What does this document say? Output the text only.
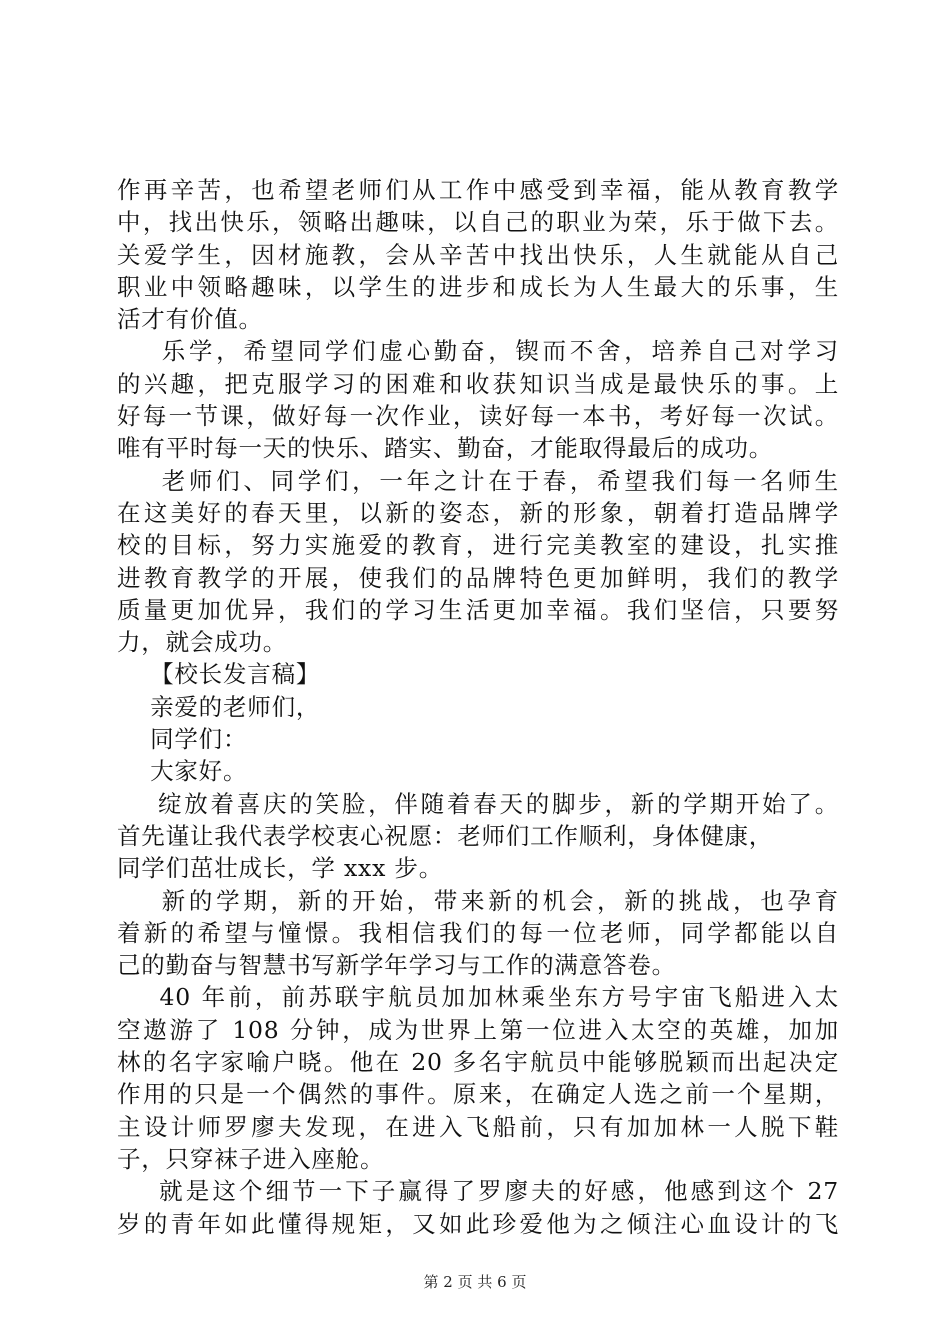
作再辛苦，也希望老师们从工作中感受到幸福，能从教育教学
中，找出快乐，领略出趣味，以自己的职业为荣，乐于做下去。
关爱学生，因材施教，会从辛苦中找出快乐，人生就能从自己
职业中领略趣味，以学生的进步和成长为人生最大的乐事，生
活才有价值。
乐学，希望同学们虚心勤奋，锲而不舍，培养自己对学习
的兴趣，把克服学习的困难和收获知识当成是最快乐的事。上
好每一节课，做好每一次作业，读好每一本书，考好每一次试。
唯有平时每一天的快乐、踏实、勤奋，才能取得最后的成功。
老师们、同学们，一年之计在于春，希望我们每一名师生
在这美好的春天里，以新的姿态，新的形象，朝着打造品牌学
校的目标，努力实施爱的教育，进行完美教室的建设，扎实推
进教育教学的开展，使我们的品牌特色更加鲜明，我们的教学
质量更加优异，我们的学习生活更加幸福。我们坚信，只要努
力，就会成功。
【校长发言稿】
亲爱的老师们，
同学们：
大家好。
绽放着喜庆的笑脸，伴随着春天的脚步，新的学期开始了。
首先谨让我代表学校衷心祝愿：老师们工作顺利，身体健康，
同学们茁壮成长，学 xxx 步。
新的学期，新的开始，带来新的机会，新的挑战，也孕育
着新的希望与憧憬。我相信我们的每一位老师，同学都能以自
己的勤奋与智慧书写新学年学习与工作的满意答卷。
40 年前，前苏联宇航员加加林乘坐东方号宇宙飞船进入太
空遨游了 108 分钟，成为世界上第一位进入太空的英雄，加加
林的名字家喻户晓。他在 20 多名宇航员中能够脱颖而出起决定
作用的只是一个偶然的事件。原来，在确定人选之前一个星期，
主设计师罗廖夫发现，在进入飞船前，只有加加林一人脱下鞋
子，只穿袜子进入座舱。
就是这个细节一下子赢得了罗廖夫的好感，他感到这个 27
岁的青年如此懂得规矩，又如此珍爱他为之倾注心血设计的飞
第 2 页 共 6 页
